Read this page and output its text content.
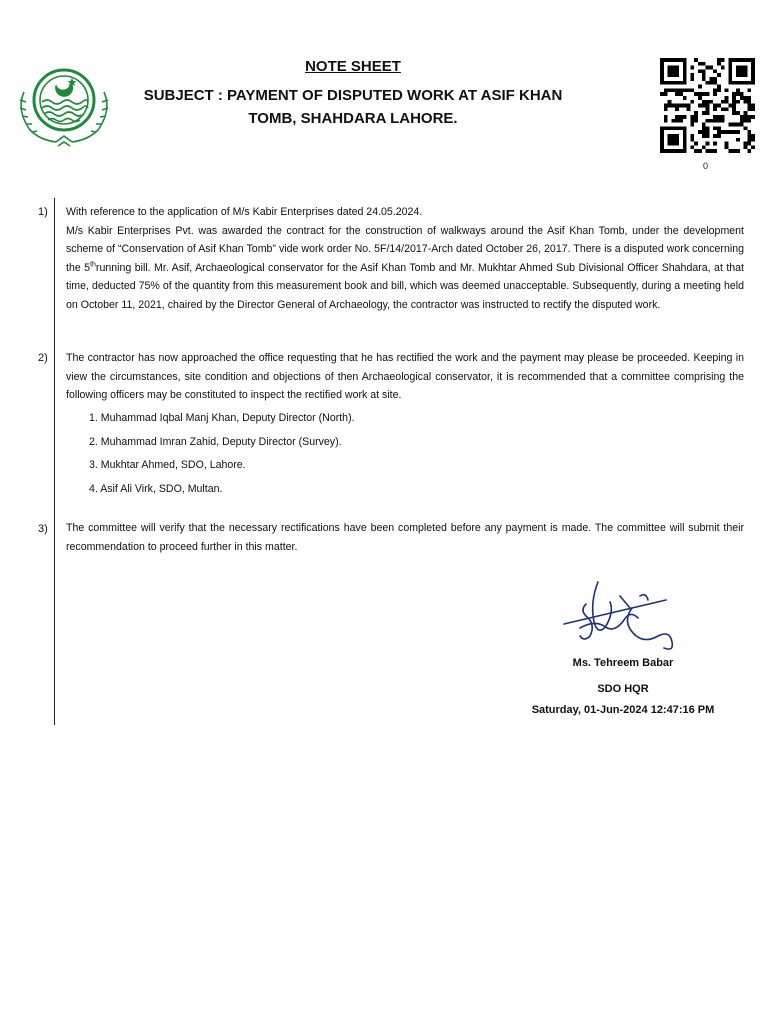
NOTE SHEET
SUBJECT : PAYMENT OF DISPUTED WORK AT ASIF KHAN
TOMB, SHAHDARA LAHORE.
0
1) With reference to the application of M/s Kabir Enterprises dated 24.05.2024.
M/s Kabir Enterprises Pvt. was awarded the contract for the construction of walkways around the Asif Khan Tomb, under the development scheme of “Conservation of Asif Khan Tomb” vide work order No. 5F/14/2017-Arch dated October 26, 2017. There is a disputed work concerning the 5thrunning bill. Mr. Asif, Archaeological conservator for the Asif Khan Tomb and Mr. Mukhtar Ahmed Sub Divisional Officer Shahdara, at that time, deducted 75% of the quantity from this measurement book and bill, which was deemed unacceptable. Subsequently, during a meeting held on October 11, 2021, chaired by the Director General of Archaeology, the contractor was instructed to rectify the disputed work.
2) The contractor has now approached the office requesting that he has rectified the work and the payment may please be proceeded. Keeping in view the circumstances, site condition and objections of then Archaeological conservator, it is recommended that a committee comprising the following officers may be constituted to inspect the rectified work at site.
1. Muhammad Iqbal Manj Khan, Deputy Director (North).
2. Muhammad Imran Zahid, Deputy Director (Survey).
3. Mukhtar Ahmed, SDO, Lahore.
4. Asif Ali Virk, SDO, Multan.
3) The committee will verify that the necessary rectifications have been completed before any payment is made. The committee will submit their recommendation to proceed further in this matter.
Ms. Tehreem Babar
SDO HQR
Saturday, 01-Jun-2024 12:47:16 PM
